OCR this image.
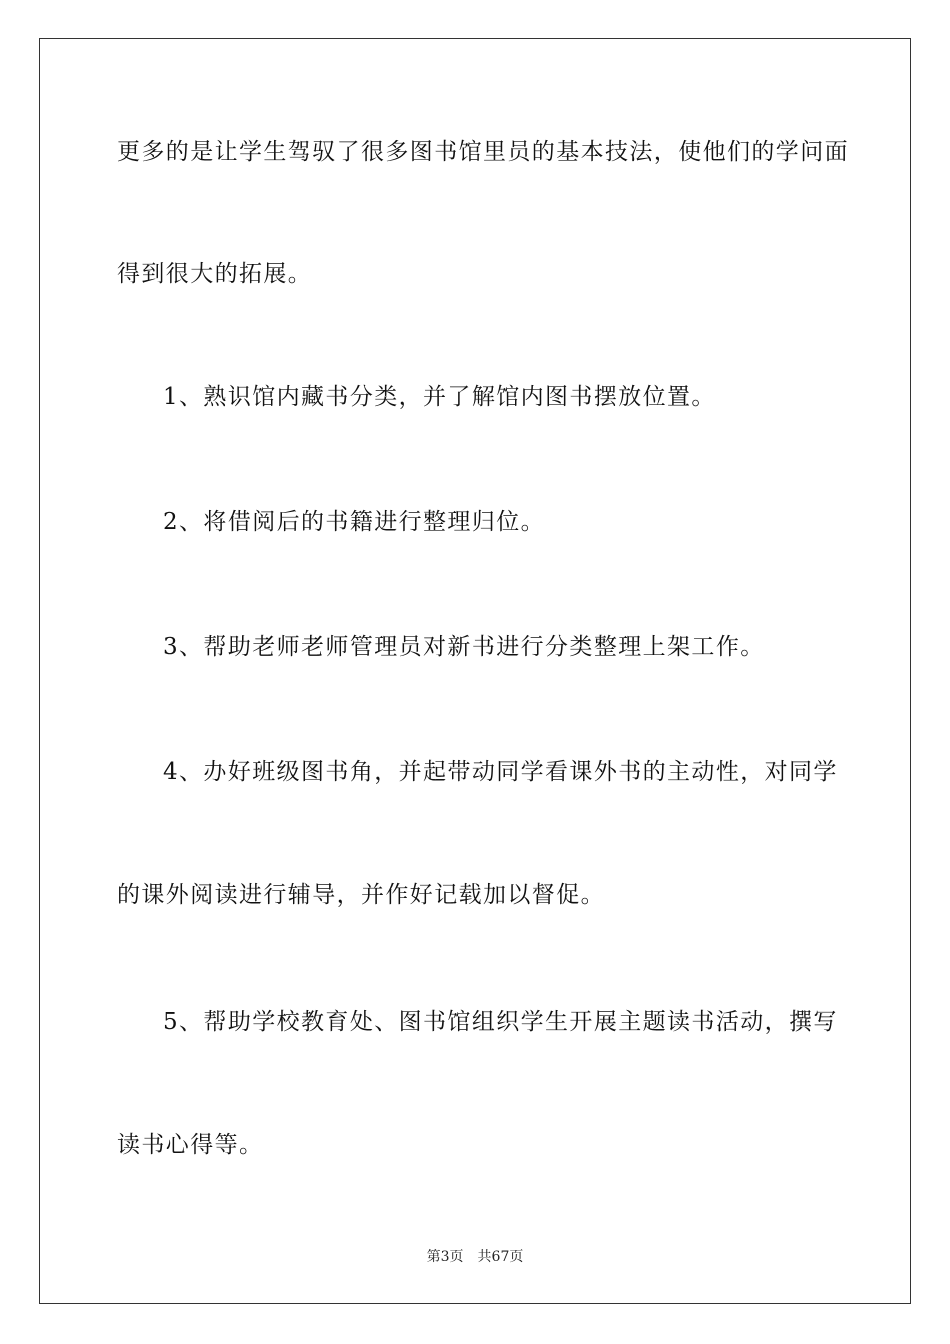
更多的是让学生驾驭了很多图书馆里员的基本技法，使他们的学问面
得到很大的拓展。
1、熟识馆内藏书分类，并了解馆内图书摆放位置。
2、将借阅后的书籍进行整理归位。
3、帮助老师老师管理员对新书进行分类整理上架工作。
4、办好班级图书角，并起带动同学看课外书的主动性，对同学
的课外阅读进行辅导，并作好记载加以督促。
5、帮助学校教育处、图书馆组织学生开展主题读书活动，撰写
读书心得等。
第3页 共67页
